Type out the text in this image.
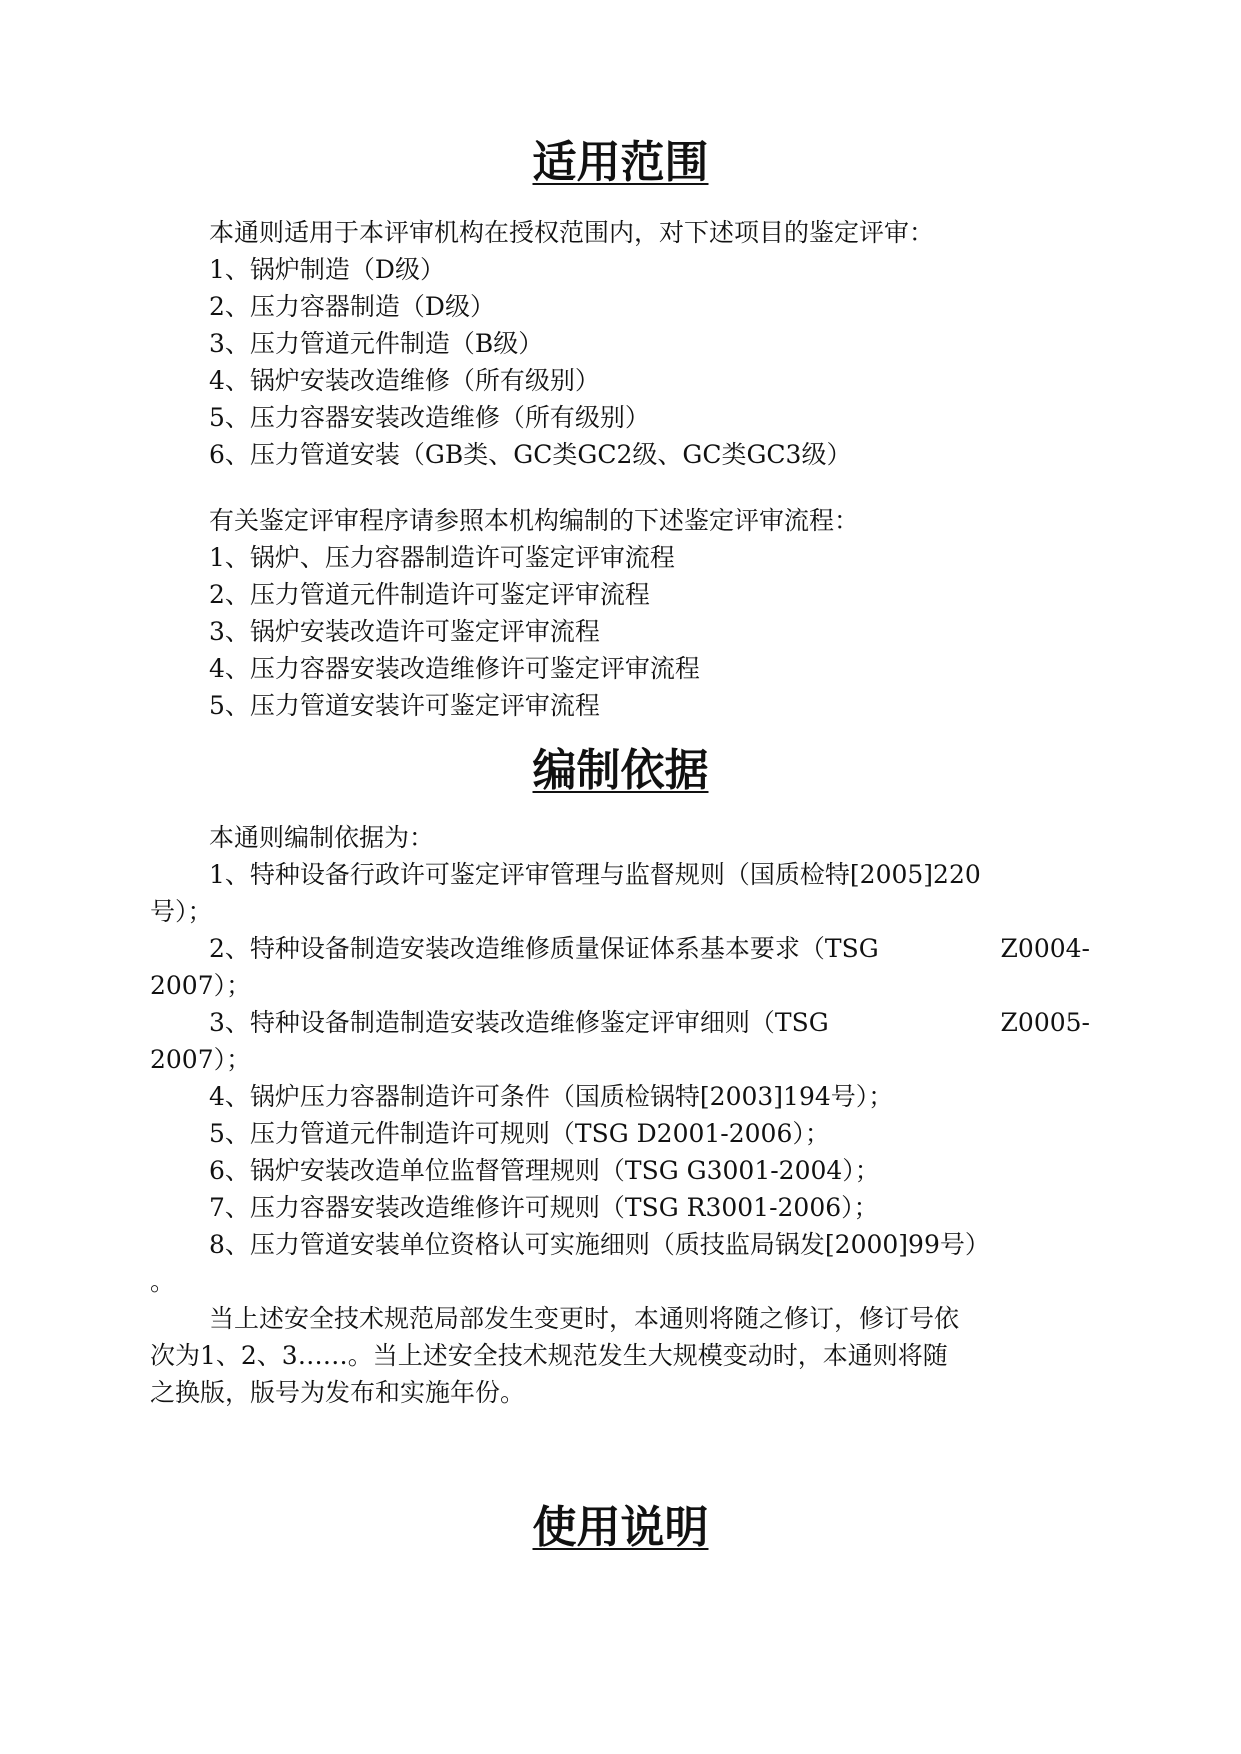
适用范围

本通则适用于本评审机构在授权范围内，对下述项目的鉴定评审：

1、锅炉制造（D级）

2、压力容器制造（D级）

3、压力管道元件制造（B级）

4、锅炉安装改造维修（所有级别）

5、压力容器安装改造维修（所有级别）

6、压力管道安装（GB类、GC类GC2级、GC类GC3级）

有关鉴定评审程序请参照本机构编制的下述鉴定评审流程：

1、锅炉、压力容器制造许可鉴定评审流程

2、压力管道元件制造许可鉴定评审流程

3、锅炉安装改造许可鉴定评审流程

4、压力容器安装改造维修许可鉴定评审流程

5、压力管道安装许可鉴定评审流程

编制依据

本通则编制依据为：

1、特种设备行政许可鉴定评审管理与监督规则（国质检特[2005]220

号）；

2、特种设备制造安装改造维修质量保证体系基本要求（TSG	Z0004-

2007）；

3、特种设备制造制造安装改造维修鉴定评审细则（TSG	Z0005-

2007）；

4、锅炉压力容器制造许可条件（国质检锅特[2003]194号）；

5、压力管道元件制造许可规则（TSG D2001-2006）；

6、锅炉安装改造单位监督管理规则（TSG G3001-2004）；

7、压力容器安装改造维修许可规则（TSG R3001-2006）；

8、压力管道安装单位资格认可实施细则（质技监局锅发[2000]99号）

。

当上述安全技术规范局部发生变更时，本通则将随之修订，修订号依

次为1、2、3……。当上述安全技术规范发生大规模变动时，本通则将随

之换版，版号为发布和实施年份。

使用说明
